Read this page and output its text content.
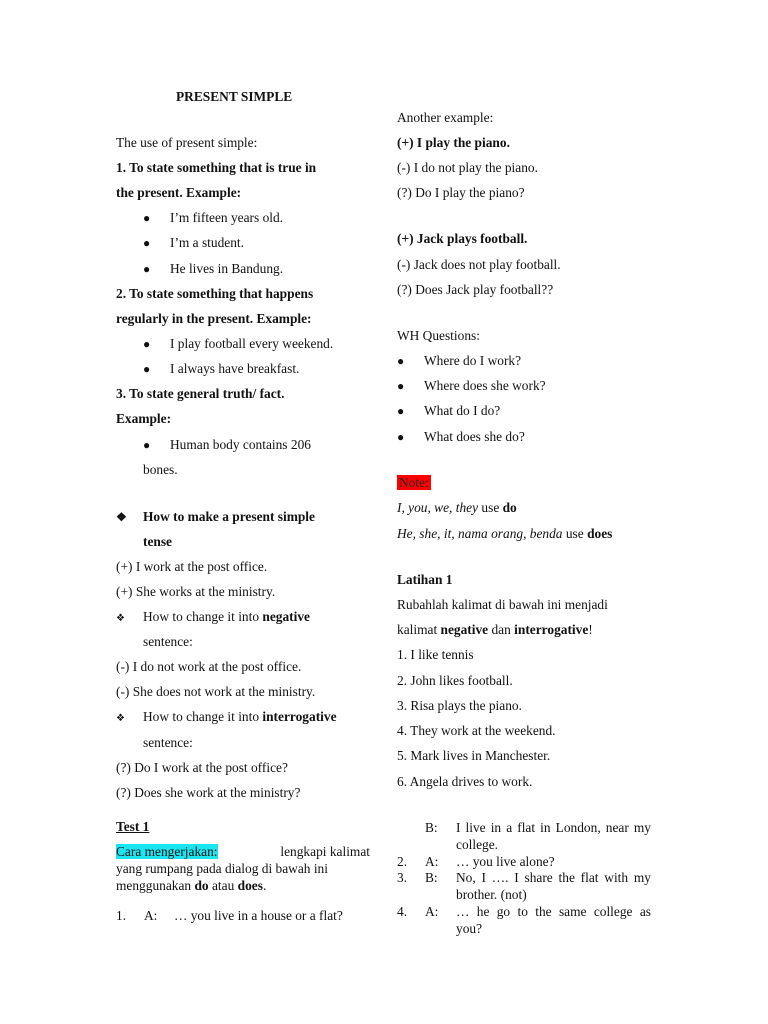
PRESENT SIMPLE
The use of present simple:
1. To state something that is true in
the present. Example:
● I’m fifteen years old.
● I’m a student.
● He lives in Bandung.
2. To state something that happens
regularly in the present. Example:
● I play football every weekend.
● I always have breakfast.
3. To state general truth/ fact.
Example:
● Human body contains 206
bones.
❖ How to make a present simple
tense
(+) I work at the post office.
(+) She works at the ministry.
❖ How to change it into negative
sentence:
(-) I do not work at the post office.
(-) She does not work at the ministry.
❖ How to change it into interrogative
sentence:
(?) Do I work at the post office?
(?) Does she work at the ministry?
Test 1
Cara mengerjakan:	lengkapi kalimat
yang rumpang pada dialog di bawah ini
menggunakan do atau does.
1. A: … you live in a house or a flat?
Another example:
(+) I play the piano.
(-) I do not play the piano.
(?) Do I play the piano?
(+) Jack plays football.
(-) Jack does not play football.
(?) Does Jack play football??
WH Questions:
● Where do I work?
● Where does she work?
● What do I do?
● What does she do?
Note:
I, you, we, they use do
He, she, it, nama orang, benda use does
Latihan 1
Rubahlah kalimat di bawah ini menjadi
kalimat negative dan interrogative!
1. I like tennis
2. John likes football.
3. Risa plays the piano.
4. They work at the weekend.
5. Mark lives in Manchester.
6. Angela drives to work.
B: I live in a flat in London, near my college.
2. A: … you live alone?
3. B: No, I …. I share the flat with my brother. (not)
4. A: … he go to the same college as you?
